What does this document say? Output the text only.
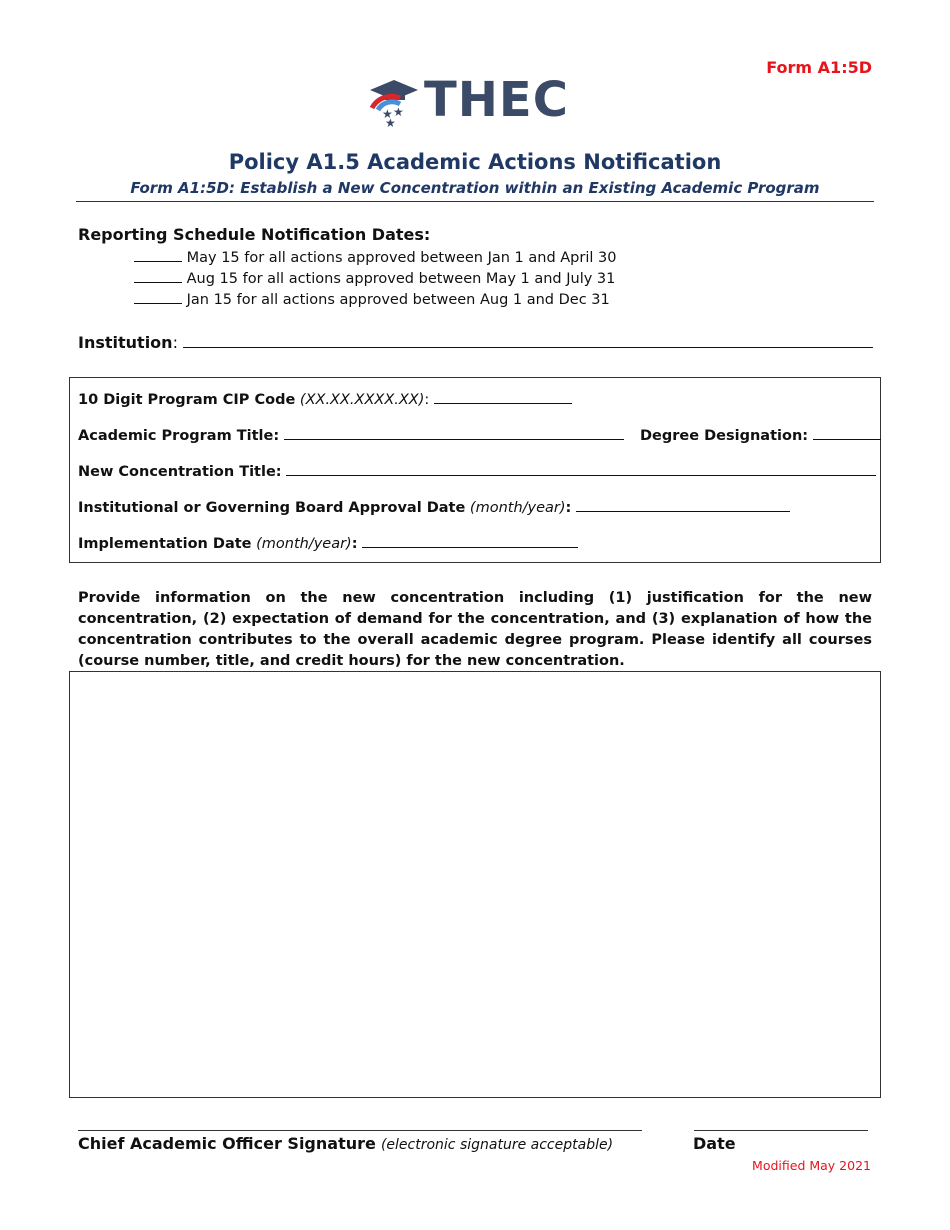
Form A1:5D
★ ★
★ THEC
Policy A1.5 Academic Actions Notification
Form A1:5D: Establish a New Concentration within an Existing Academic Program
Reporting Schedule Notification Dates:
May 15 for all actions approved between Jan 1 and April 30
Aug 15 for all actions approved between May 1 and July 31
Jan 15 for all actions approved between Aug 1 and Dec 31
Institution:
10 Digit Program CIP Code (XX.XX.XXXX.XX):
Academic Program Title:	Degree Designation:
New Concentration Title:
Institutional or Governing Board Approval Date (month/year):
Implementation Date (month/year):
Provide information on the new concentration including (1) justification for the new concentration, (2) expectation of demand for the concentration, and (3) explanation of how the concentration contributes to the overall academic degree program. Please identify all courses (course number, title, and credit hours) for the new concentration.
Chief Academic Officer Signature (electronic signature acceptable)	Date
Modified May 2021
